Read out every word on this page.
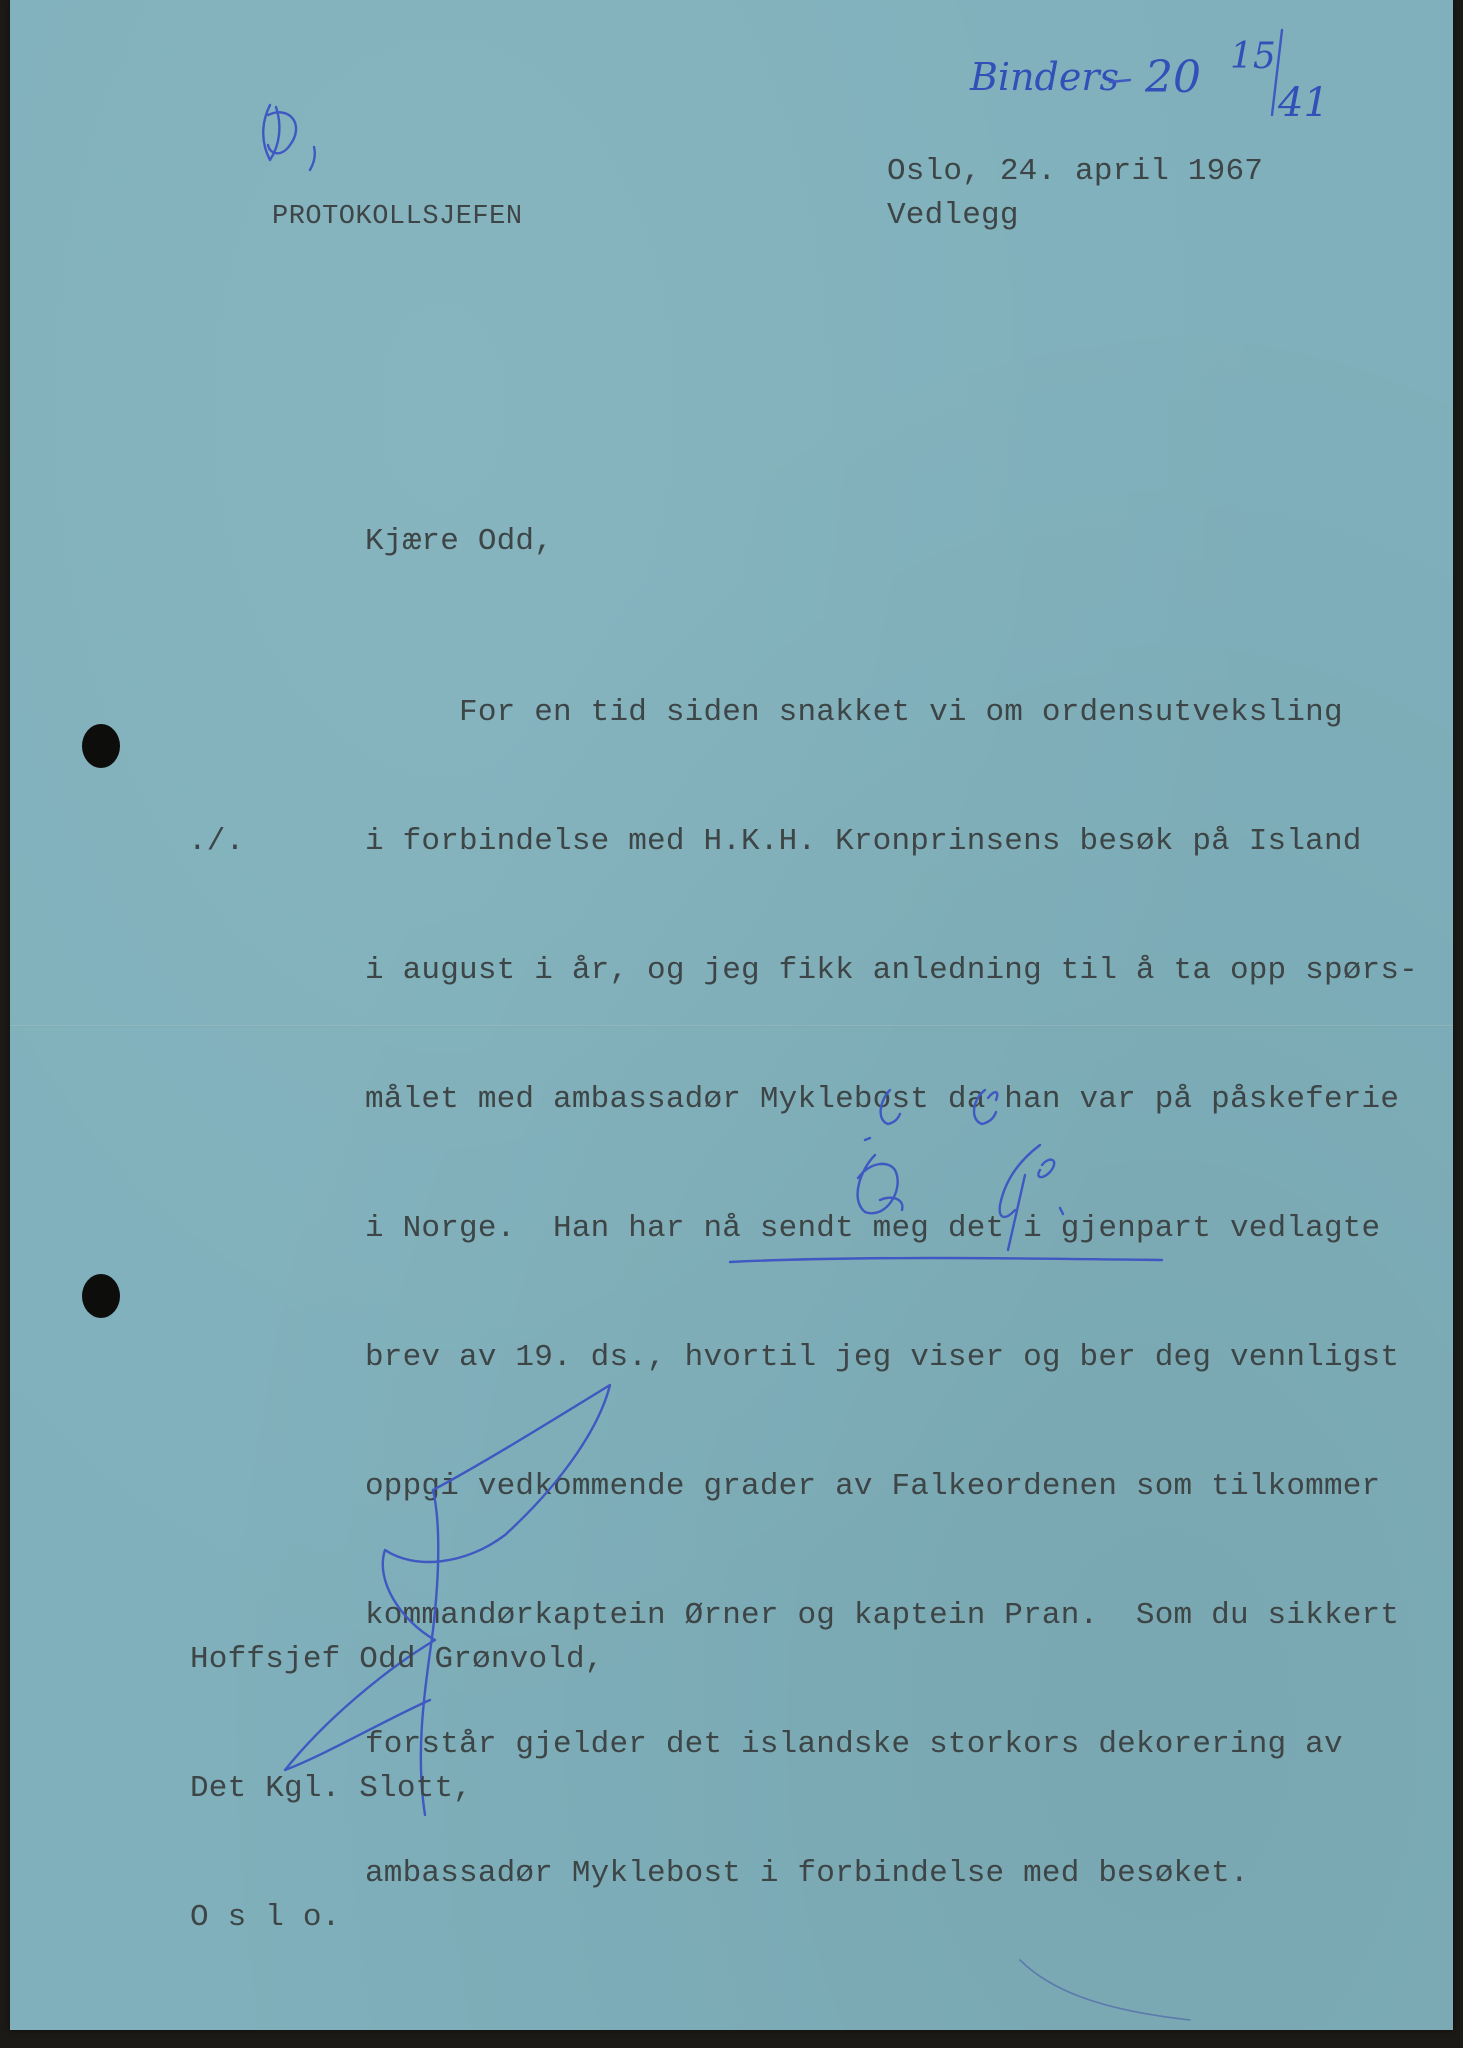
Binders 20 15
41
PROTOKOLLSJEFEN
Oslo, 24. april 1967
Vedlegg
Kjære Odd,

For en tid siden snakket vi om ordensutveksling

i forbindelse med H.K.H. Kronprinsens besøk på Island

i august i år, og jeg fikk anledning til å ta opp spørs-

målet med ambassadør Myklebost da han var på påskeferie

i Norge.  Han har nå sendt meg det i gjenpart vedlagte

brev av 19. ds., hvortil jeg viser og ber deg vennligst

oppgi vedkommende grader av Falkeordenen som tilkommer

kommandørkaptein Ørner og kaptein Pran.  Som du sikkert

forstår gjelder det islandske storkors dekorering av

ambassadør Myklebost i forbindelse med besøket.

./.

Hoffsjef Odd Grønvold,

Det Kgl. Slott,

O s l o.
